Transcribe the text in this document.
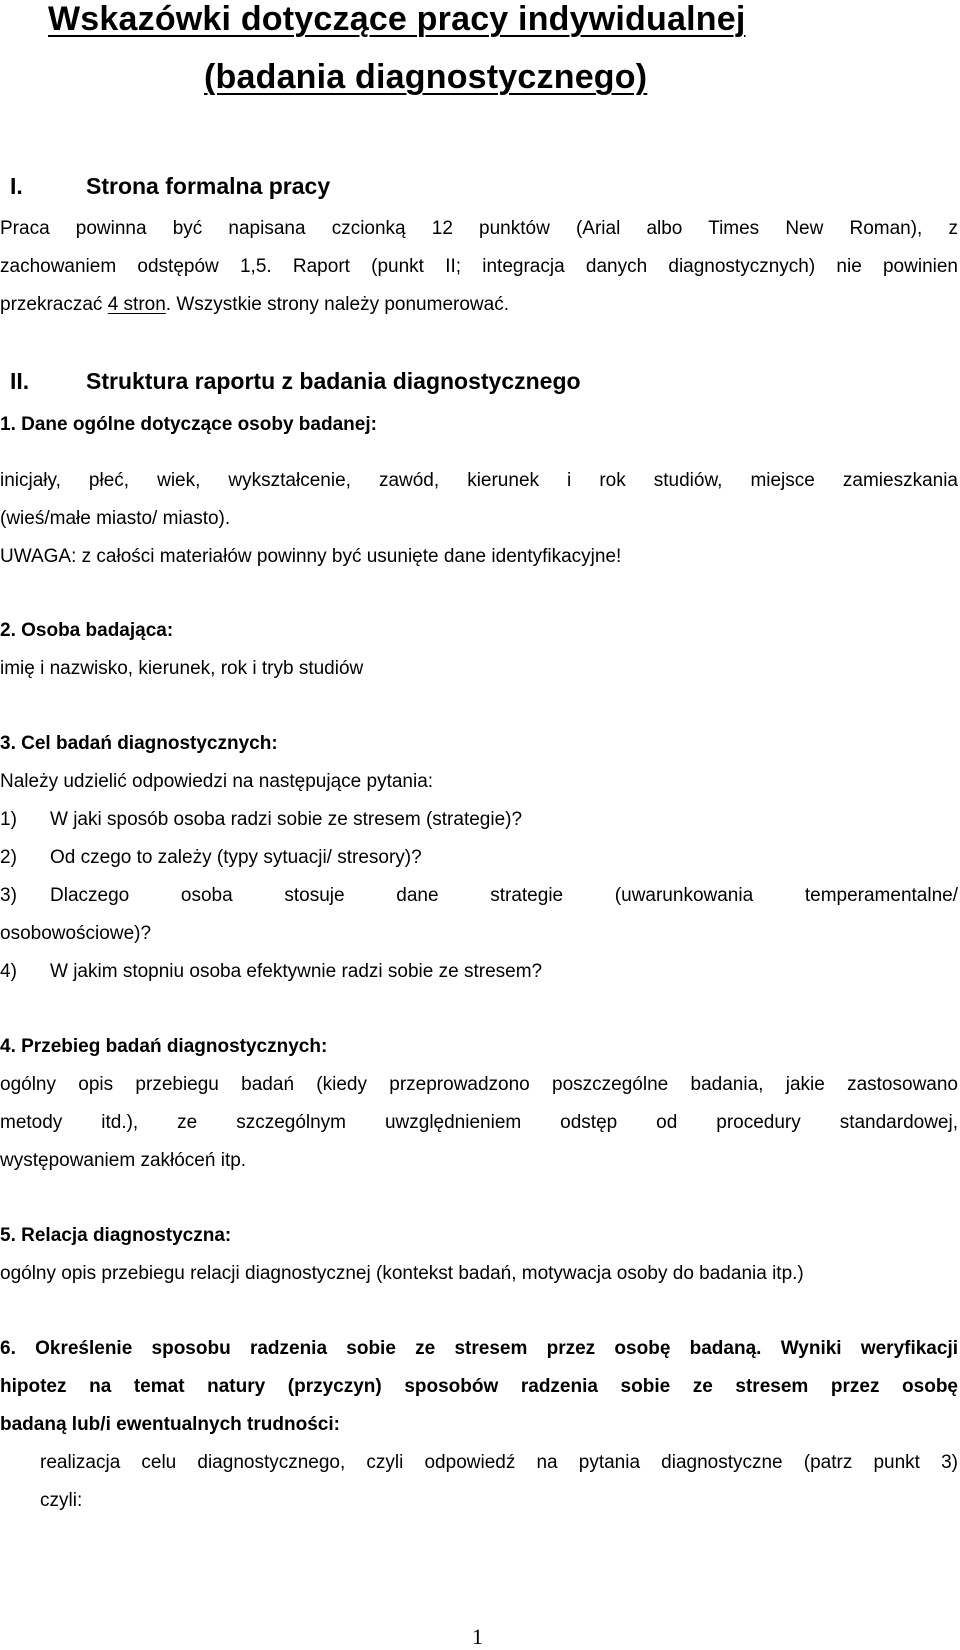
Wskazówki dotyczące pracy indywidualnej
(badania diagnostycznego)
I.	Strona formalna pracy
Praca powinna być napisana czcionką 12 punktów (Arial albo Times New Roman), z
zachowaniem odstępów 1,5. Raport (punkt II; integracja danych diagnostycznych) nie powinien
przekraczać 4 stron. Wszystkie strony należy ponumerować.
II. Struktura raportu z badania diagnostycznego
1. Dane ogólne dotyczące osoby badanej:
inicjały, płeć, wiek, wykształcenie, zawód, kierunek i rok studiów, miejsce zamieszkania
(wieś/małe miasto/ miasto).
UWAGA: z całości materiałów powinny być usunięte dane identyfikacyjne!
2. Osoba badająca:
imię i nazwisko, kierunek, rok i tryb studiów
3. Cel badań diagnostycznych:
Należy udzielić odpowiedzi na następujące pytania:
1) W jaki sposób osoba radzi sobie ze stresem (strategie)?
2) Od czego to zależy (typy sytuacji/ stresory)?
3)	Dlaczego osoba stosuje dane strategie (uwarunkowania temperamentalne/
osobowościowe)?
4) W jakim stopniu osoba efektywnie radzi sobie ze stresem?
4. Przebieg badań diagnostycznych:
ogólny opis przebiegu badań (kiedy przeprowadzono poszczególne badania, jakie zastosowano
metody itd.), ze szczególnym uwzględnieniem odstęp od procedury standardowej,
występowaniem zakłóceń itp.
5. Relacja diagnostyczna:
ogólny opis przebiegu relacji diagnostycznej (kontekst badań, motywacja osoby do badania itp.)
6. Określenie sposobu radzenia sobie ze stresem przez osobę badaną. Wyniki weryfikacji
hipotez na temat natury (przyczyn) sposobów radzenia sobie ze stresem przez osobę
badaną lub/i ewentualnych trudności:
realizacja celu diagnostycznego, czyli odpowiedź na pytania diagnostyczne (patrz punkt 3)
czyli:
1
